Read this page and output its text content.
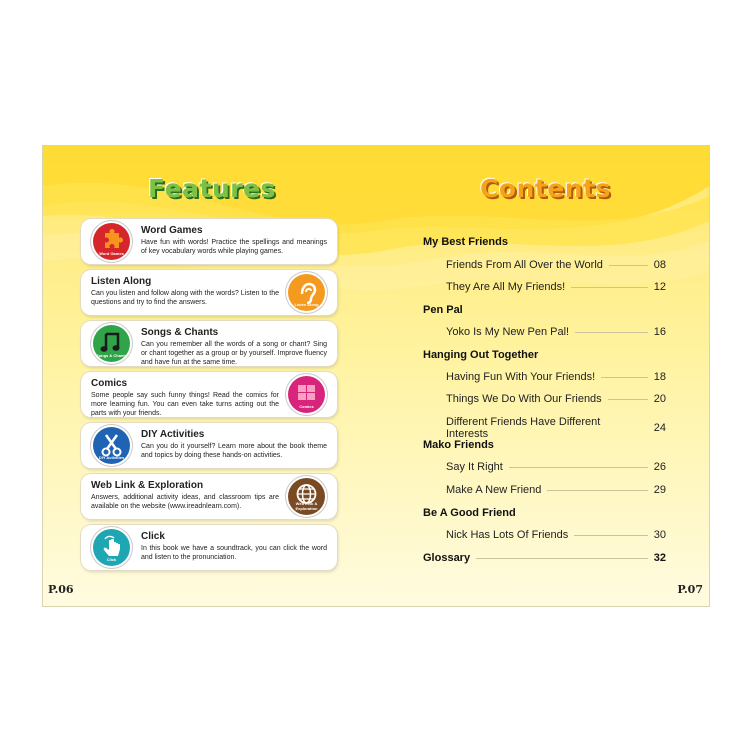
Features	Contents
Word Games
Word Games
Have fun with words! Practice the spellings and meanings of key vocabulary words while playing games.
Listen Along
Listen Along
Can you listen and follow along with the words? Listen to the questions and try to find the answers.
Songs & Chants
Songs & Chants
Can you remember all the words of a song or chant? Sing or chant together as a group or by yourself. Improve fluency and have fun at the same time.
Comics
Comics
Some people say such funny things! Read the comics for more learning fun. You can even take turns acting out the parts with your friends.
DIY Activities
DIY Activities
Can you do it yourself? Learn more about the book theme and topics by doing these hands-on activities.
Web Link & Exploration
Web Link & Exploration
Answers, additional activity ideas, and classroom tips are available on the website (www.ireadnlearn.com).
Click
Click
In this book we have a soundtrack, you can click the word and listen to the pronunciation.
My Best Friends
Friends From All Over the World	08
They Are All My Friends!	12
Pen Pal
Yoko Is My New Pen Pal!	16
Hanging Out Together
Having Fun With Your Friends!	18
Things We Do With Our Friends	20
Different Friends Have Different Interests	24
Mako Friends
Say It Right	26
Make A New Friend	29
Be A Good Friend
Nick Has Lots Of Friends	30
Glossary	32
P.06	P.07
